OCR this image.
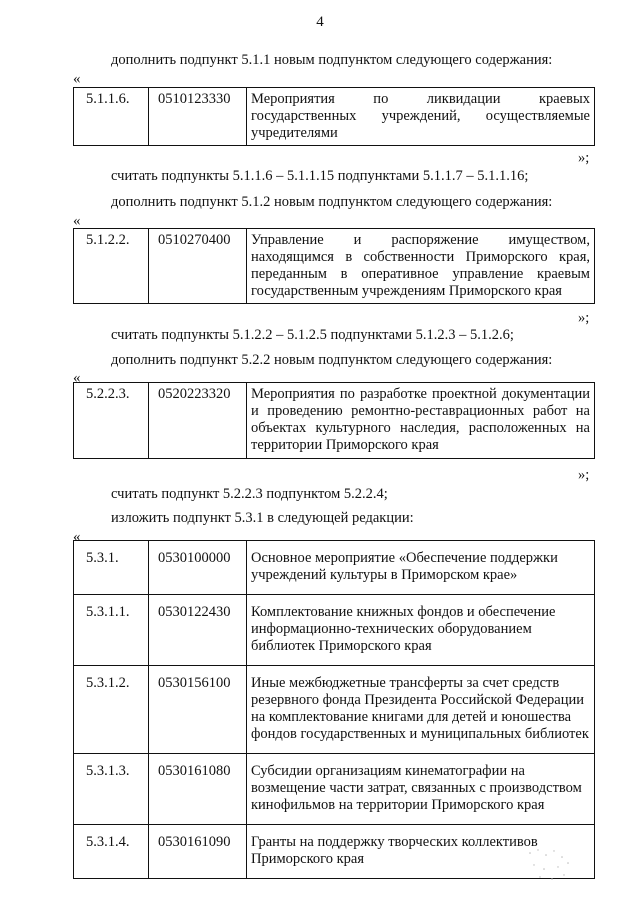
4
дополнить подпункт 5.1.1 новым подпунктом следующего содержания:
«
5.1.1.6.	0510123330	Мероприятия по ликвидации краевых государственных учреждений, осуществляемые учредителями
»;
считать подпункты 5.1.1.6 – 5.1.1.15 подпунктами 5.1.1.7 – 5.1.1.16;
дополнить подпункт 5.1.2 новым подпунктом следующего содержания:
«
5.1.2.2.	0510270400	Управление и распоряжение имуществом, находящимся в собственности Приморского края, переданным в оперативное управление краевым государственным учреждениям Приморского края
»;
считать подпункты 5.1.2.2 – 5.1.2.5 подпунктами 5.1.2.3 – 5.1.2.6;
дополнить подпункт 5.2.2 новым подпунктом следующего содержания:
«
5.2.2.3.	0520223320	Мероприятия по разработке проектной документации и проведению ремонтно-реставрационных работ на объектах культурного наследия, расположенных на территории Приморского края
»;
считать подпункт 5.2.2.3 подпунктом 5.2.2.4;
изложить подпункт 5.3.1 в следующей редакции:
«
5.3.1.	0530100000	Основное мероприятие «Обеспечение поддержки учреждений культуры в Приморском крае»
5.3.1.1.	0530122430	Комплектование книжных фондов и обеспечение информационно-технических оборудованием библиотек Приморского края
5.3.1.2.	0530156100	Иные межбюджетные трансферты за счет средств резервного фонда Президента Российской Федерации на комплектование книгами для детей и юношества фондов государственных и муниципальных библиотек
5.3.1.3.	0530161080	Субсидии организациям кинематографии на возмещение части затрат, связанных с производством кинофильмов на территории Приморского края
5.3.1.4.	0530161090	Гранты на поддержку творческих коллективов Приморского края
